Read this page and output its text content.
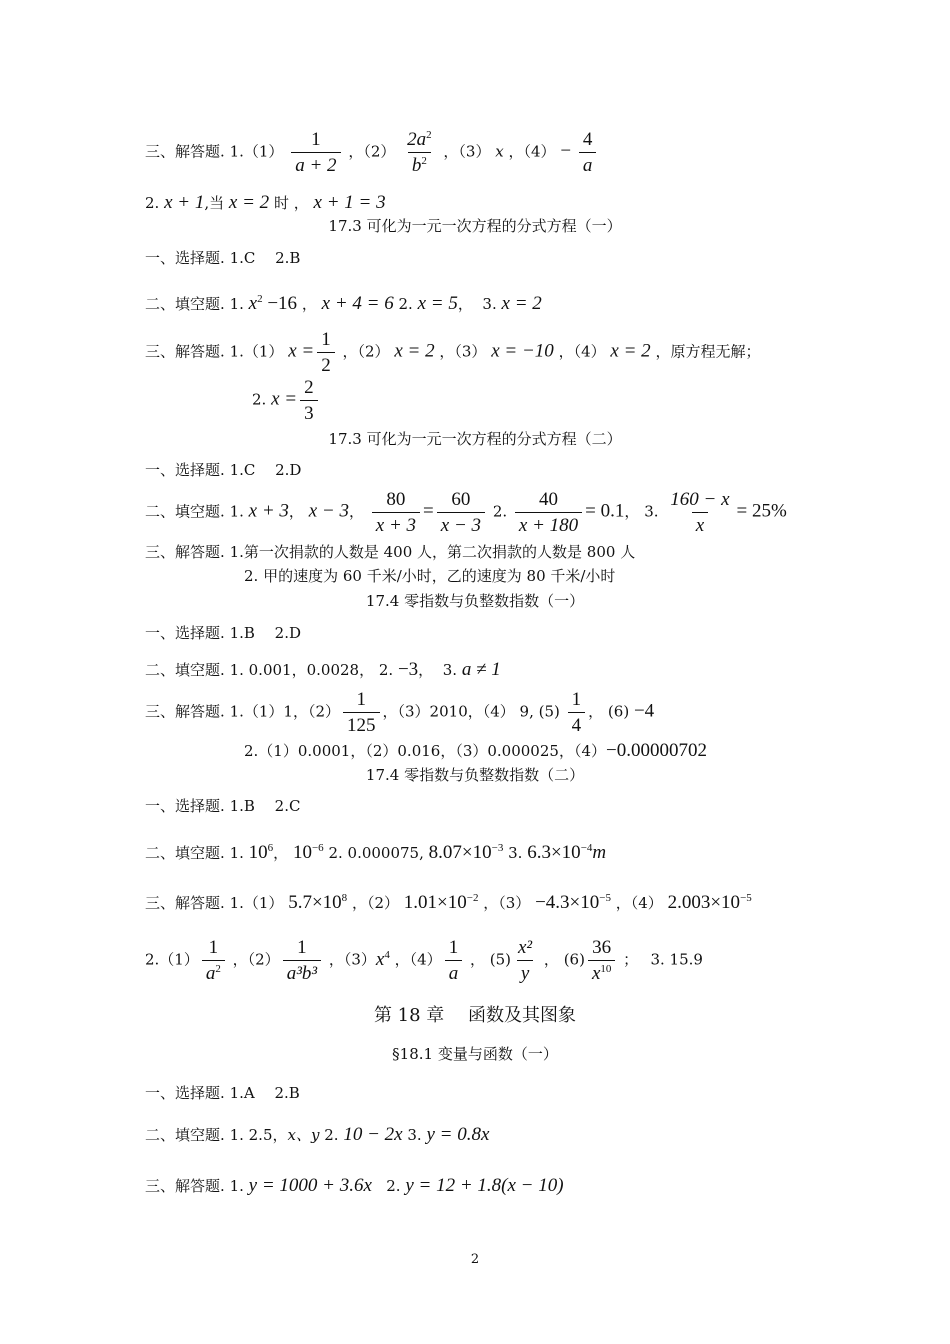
三、解答题. $1.(1) \frac{1}{a + 2}$ ，$(2) \frac{2a^2}{b^2}$ ，（3） x ，$(4) - \frac{4}{a}$
2. x + 1,当 x = 2 时 ， x + 1 = 3
17.3 可化为一元一次方程的分式方程（一）
一、选择题. 1.C　 2.B
二、填空题. 1. $x^2 -16$ ， x + 4 = 6 2. x = 5， 3. x = 2
三、解答题. 1.（1） $x = \frac{1}{2}$ ，（2） x = 2 ，（3） x = −10 ，（4） x = 2 ，原方程无解；
2. $x = \frac{2}{3}$
17.3 可化为一元一次方程的分式方程（二）
一、选择题. 1.C　 2.D
二、填空题. 1. x + 3， x − 3， $\frac{80}{x + 3} = \frac{60}{x - 3} 2$. $\frac{40}{x + 180} = 0.1$， 3. $\frac{160 - x}{x} = 25\%$
三、解答题. 1.第一次捐款的人数是 400 人，第二次捐款的人数是 800 人
2. 甲的速度为 60 千米/小时，乙的速度为 80 千米/小时
17.4 零指数与负整数指数（一）
一、选择题. 1.B　 2.D
二、填空题. 1. 0.001，0.0028， 2. −3， 3. a ≠ 1
三、解答题. 1.（1）1，$(2) \frac{1}{125}$ ，（3）2010，（4） 9, $(5) \frac{1}{4}$ ， (6) −4
2.（1）0.0001，（2）0.016，（3）0.000025，（4）−0.00000702
17.4 零指数与负整数指数（二）
一、选择题. 1.B　 2.C
二、填空题. 1. $10^6$， $10^{-6}$ 2. 0.000075, $8.07\times 10^{-3}$ 3. $6.3\times 10^{-4}m$
三、解答题. 1.（1） $5.7\times 10^8$ ，（2） $1.01\times 10^{-2}$ ，$(3) -4.3\times 10^{-5}$ ，（4） $2.003\times 10^{-5}$
$2.(1) \frac{1}{a^2}$ ，$(2) \frac{1}{\text{a³b³}}$ ，$(3)x^4$ ，$(4) \frac{1}{a}$ ， $(5) \frac{\text{x²}}{y}$ ， $(6) \frac{36}{x^{10}}$ ；　 3. 15.9
第 18 章　 函数及其图象
§18.1 变量与函数（一）
一、选择题. 1.A　 2.B
二、填空题. 1. 2.5，x、y 2. 10 − 2x 3. y = 0.8x
三、解答题. 1. y = 1000 + 3.6x 2. y = 12 + 1.8(x − 10)
2
